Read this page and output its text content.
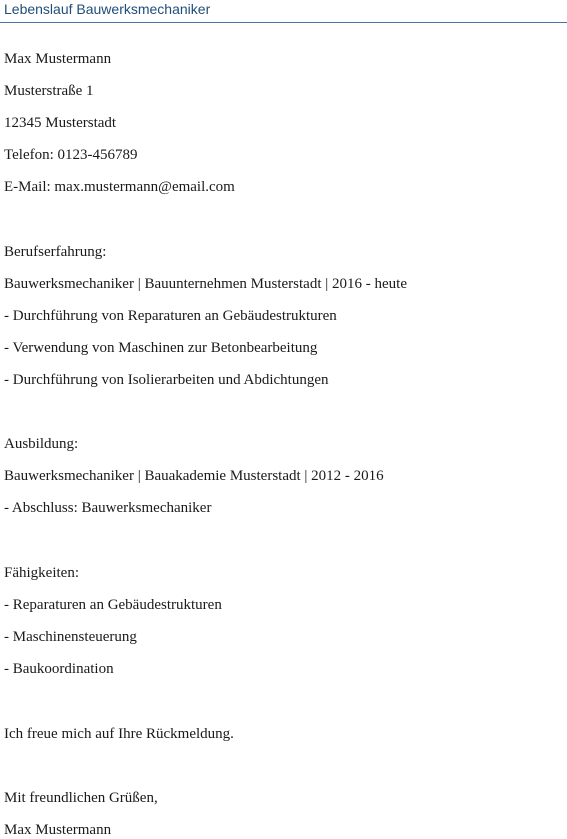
Lebenslauf Bauwerksmechaniker
Max Mustermann
Musterstraße 1
12345 Musterstadt
Telefon: 0123-456789
E-Mail: max.mustermann@email.com
Berufserfahrung:
Bauwerksmechaniker | Bauunternehmen Musterstadt | 2016 - heute
- Durchführung von Reparaturen an Gebäudestrukturen
- Verwendung von Maschinen zur Betonbearbeitung
- Durchführung von Isolierarbeiten und Abdichtungen
Ausbildung:
Bauwerksmechaniker | Bauakademie Musterstadt | 2012 - 2016
- Abschluss: Bauwerksmechaniker
Fähigkeiten:
- Reparaturen an Gebäudestrukturen
- Maschinensteuerung
- Baukoordination
Ich freue mich auf Ihre Rückmeldung.
Mit freundlichen Grüßen,
Max Mustermann
